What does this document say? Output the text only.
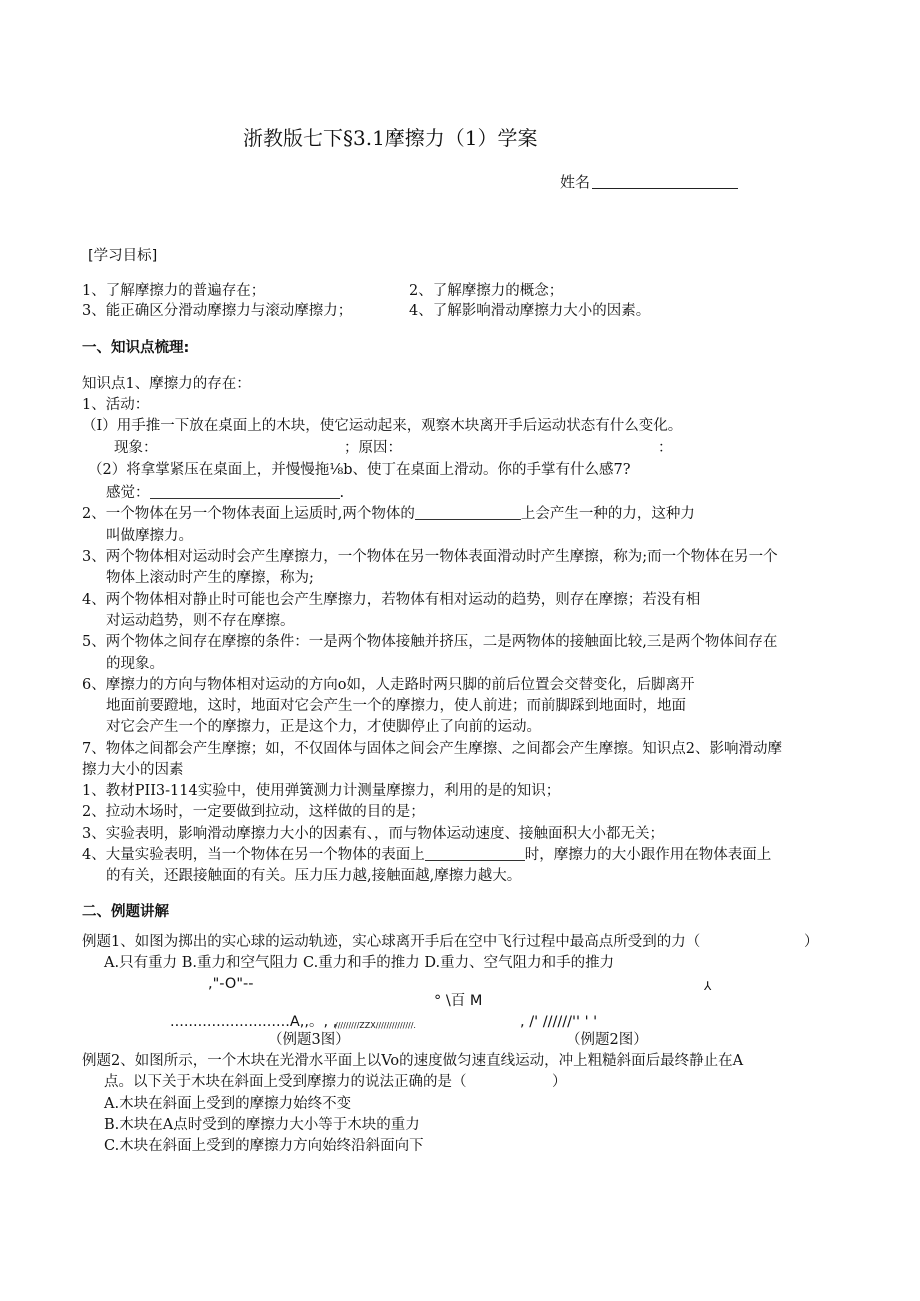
浙教版七下§3.1摩擦力（1）学案
姓名
[学习目标]
1、了解摩擦力的普遍存在；	2、了解摩擦力的概念；
3、能正确区分滑动摩擦力与滚动摩擦力；	4、了解影响滑动摩擦力大小的因素。
一、知识点梳理:
知识点1、摩擦力的存在：
1、活动：
（I）用手推一下放在桌面上的木块，使它运动起来，观察木块离开手后运动状态有什么变化。
现象：	；原因：	：
（2）将拿掌紧压在桌面上，并慢慢拖⅛b、使丁在桌面上滑动。你的手掌有什么感7?
感觉：	.
2、一个物体在另一个物体表面上运质时,两个物体的	上会产生一种的力，这种力
叫做摩擦力。
3、两个物体相对运动时会产生摩擦力，一个物体在另一物体表面滑动时产生摩擦，称为;而一个物体在另一个
物体上滚动时产生的摩擦，称为;
4、两个物体相对静止时可能也会产生摩擦力，若物体有相对运动的趋势，则存在摩擦；若没有相
对运动趋势，则不存在摩擦。
5、两个物体之间存在摩擦的条件：一是两个物体接触并挤压，二是两物体的接触面比较,三是两个物体间存在
的现象。
6、摩擦力的方向与物体相对运动的方向o如，人走路时两只脚的前后位置会交替变化，后脚离开
地面前要蹬地，这时，地面对它会产生一个的摩擦力，使人前进；而前脚踩到地面时，地面
对它会产生一个的摩擦力，正是这个力，才使脚停止了向前的运动。
7、物体之间都会产生摩擦；如，不仅固体与固体之间会产生摩擦、之间都会产生摩擦。知识点2、影响滑动摩
擦力大小的因素
1、教材PII3-114实验中，使用弹簧测力计测量摩擦力，利用的是的知识；
2、拉动木场时，一定要做到拉动，这样做的目的是；
3、实验表明，影响滑动摩擦力大小的因素有、，而与物体运动速度、接触面积大小都无关；
4、大量实验表明，当一个物体在另一个物体的表面上	时，摩擦力的大小跟作用在物体表面上
的有关，还跟接触面的有关。压力压力越,接触面越,摩擦力越大。
二、例题讲解
例题1、如图为掷出的实心球的运动轨迹，实心球离开手后在空中飞行过程中最高点所受到的力（	）
A.只有重力 B.重力和空气阻力 C.重力和手的推力 D.重力、空气阻力和手的推力
,"-O"--	⅄
° \百 M
..........................A,,。, ,
/////////ZZX//////////////.	, /' //////'' ' '
（例题3图）	（例题2图）
例题2、如图所示，一个木块在光滑水平面上以Vo的速度做匀速直线运动，冲上粗糙斜面后最终静止在A
点。以下关于木块在斜面上受到摩擦力的说法正确的是（	）
A.木块在斜面上受到的摩擦力始终不变
B.木块在A点时受到的摩擦力大小等于木块的重力
C.木块在斜面上受到的摩擦力方向始终沿斜面向下
